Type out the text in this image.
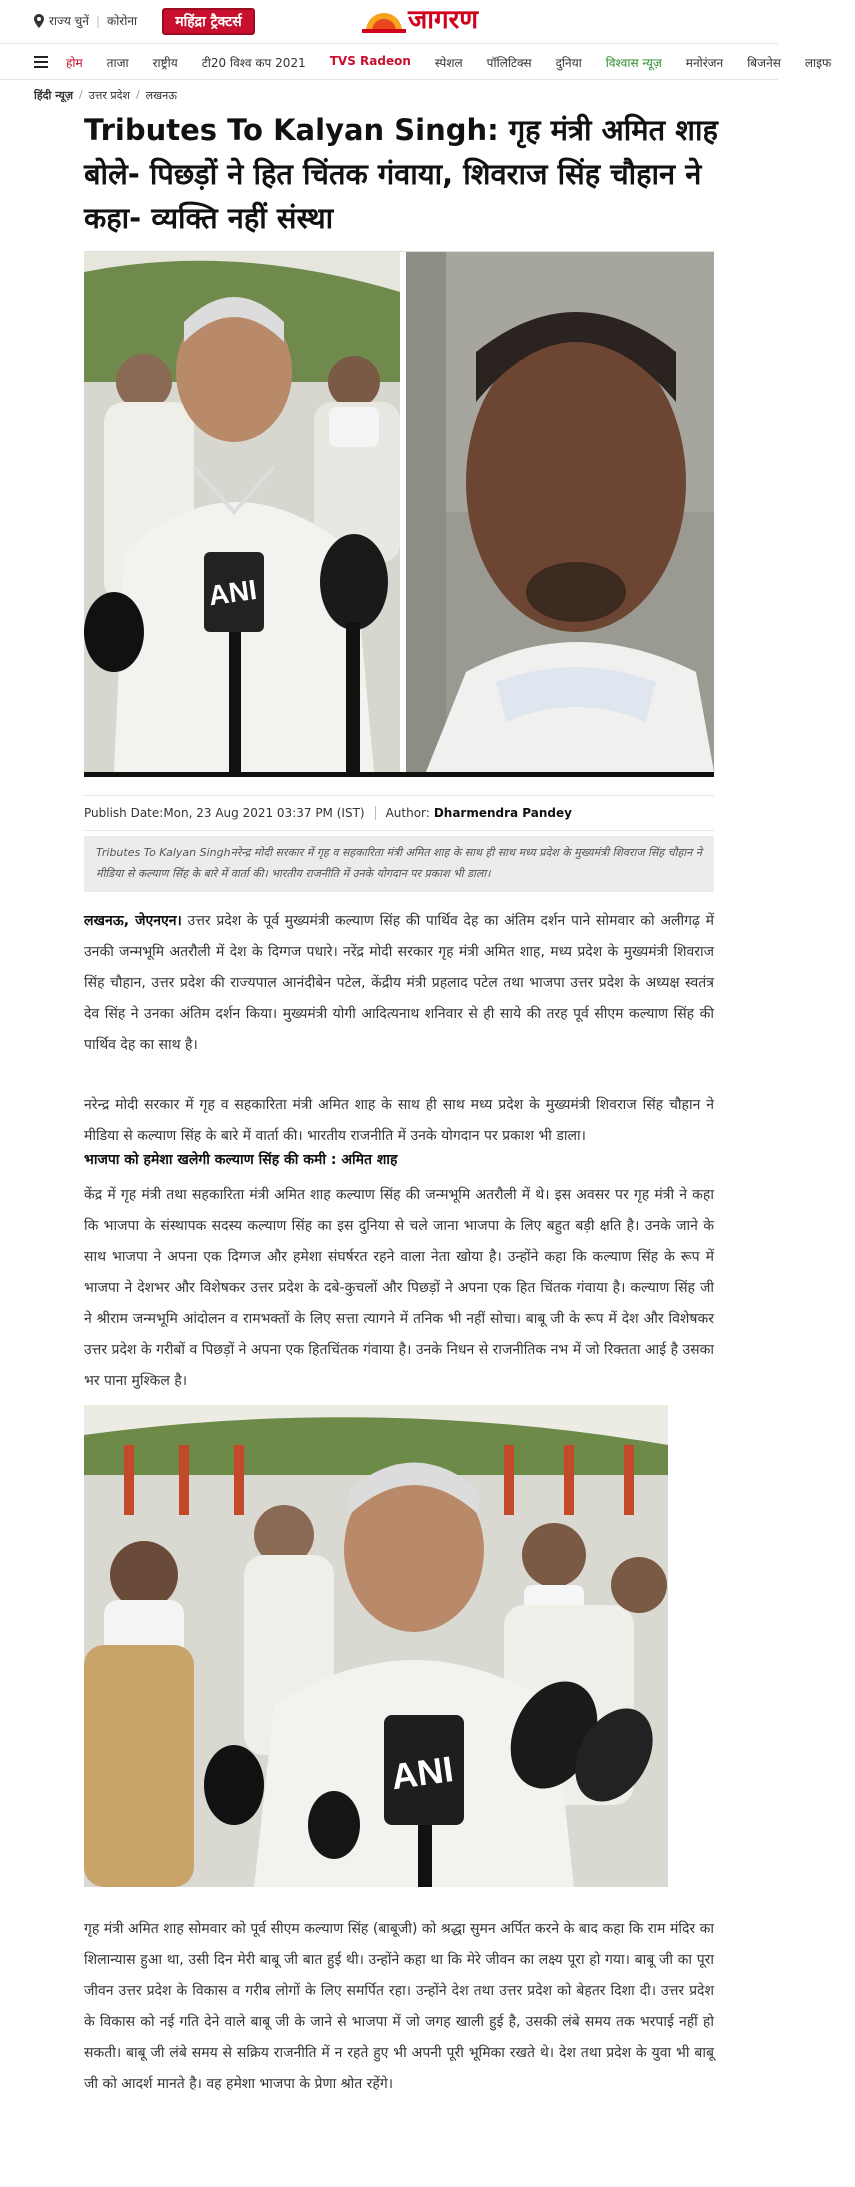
राज्य चुनें | कोरोना	महिंद्रा ट्रैक्टर्स	जागरण
होम ताजा राष्ट्रीय टी20 विश्व कप 2021 TVS Radeon स्पेशल पॉलिटिक्स दुनिया विश्वास न्यूज़ मनोरंजन बिजनेस लाइफ
हिंदी न्यूज़ / उत्तर प्रदेश / लखनऊ
Tributes To Kalyan Singh: गृह मंत्री अमित शाह बोले- पिछड़ों ने हित चिंतक गंवाया, शिवराज सिंह चौहान ने कहा- व्यक्ति नहीं संस्था
ANI
Publish Date: Mon, 23 Aug 2021 03:37 PM (IST) Author: Dharmendra Pandey
Tributes To Kalyan Singhनरेन्द्र मोदी सरकार में गृह व सहकारिता मंत्री अमित शाह के साथ ही साथ मध्य प्रदेश के मुख्यमंत्री शिवराज सिंह चौहान ने मीडिया से कल्याण सिंह के बारे में वार्ता की। भारतीय राजनीति में उनके योगदान पर प्रकाश भी डाला।

लखनऊ, जेएनएन। उत्तर प्रदेश के पूर्व मुख्यमंत्री कल्याण सिंह की पार्थिव देह का अंतिम दर्शन पाने सोमवार को अलीगढ़ में उनकी जन्मभूमि अतरौली में देश के दिग्गज पधारे। नरेंद्र मोदी सरकार गृह मंत्री अमित शाह, मध्य प्रदेश के मुख्यमंत्री शिवराज सिंह चौहान, उत्तर प्रदेश की राज्यपाल आनंदीबेन पटेल, केंद्रीय मंत्री प्रहलाद पटेल तथा भाजपा उत्तर प्रदेश के अध्यक्ष स्वतंत्र देव सिंह ने उनका अंतिम दर्शन किया। मुख्यमंत्री योगी आदित्यनाथ शनिवार से ही साये की तरह पूर्व सीएम कल्याण सिंह की पार्थिव देह का साथ है।

नरेन्द्र मोदी सरकार में गृह व सहकारिता मंत्री अमित शाह के साथ ही साथ मध्य प्रदेश के मुख्यमंत्री शिवराज सिंह चौहान ने मीडिया से कल्याण सिंह के बारे में वार्ता की। भारतीय राजनीति में उनके योगदान पर प्रकाश भी डाला।

भाजपा को हमेशा खलेगी कल्याण सिंह की कमी : अमित शाह

केंद्र में गृह मंत्री तथा सहकारिता मंत्री अमित शाह कल्याण सिंह की जन्मभूमि अतरौली में थे। इस अवसर पर गृह मंत्री ने कहा कि भाजपा के संस्थापक सदस्य कल्याण सिंह का इस दुनिया से चले जाना भाजपा के लिए बहुत बड़ी क्षति है। उनके जाने के साथ भाजपा ने अपना एक दिग्गज और हमेशा संघर्षरत रहने वाला नेता खोया है। उन्होंने कहा कि कल्याण सिंह के रूप में भाजपा ने देशभर और विशेषकर उत्तर प्रदेश के दबे-कुचलों और पिछड़ों ने अपना एक हित चिंतक गंवाया है। कल्याण सिंह जी ने श्रीराम जन्मभूमि आंदोलन व रामभक्तों के लिए सत्ता त्यागने में तनिक भी नहीं सोचा। बाबू जी के रूप में देश और विशेषकर उत्तर प्रदेश के गरीबों व पिछड़ों ने अपना एक हितचिंतक गंवाया है। उनके निधन से राजनीतिक नभ में जो रिक्तता आई है उसका भर पाना मुश्किल है।

ANI

गृह मंत्री अमित शाह सोमवार को पूर्व सीएम कल्याण सिंह (बाबूजी) को श्रद्धा सुमन अर्पित करने के बाद कहा कि राम मंदिर का शिलान्यास हुआ था, उसी दिन मेरी बाबू जी बात हुई थी। उन्होंने कहा था कि मेरे जीवन का लक्ष्य पूरा हो गया। बाबू जी का पूरा जीवन उत्तर प्रदेश के विकास व गरीब लोगों के लिए समर्पित रहा। उन्होंने देश तथा उत्तर प्रदेश को बेहतर दिशा दी। उत्तर प्रदेश के विकास को नई गति देने वाले बाबू जी के जाने से भाजपा में जो जगह खाली हुई है, उसकी लंबे समय तक भरपाई नहीं हो सकती। बाबू जी लंबे समय से सक्रिय राजनीति में न रहते हुए भी अपनी पूरी भूमिका रखते थे। देश तथा प्रदेश के युवा भी बाबू जी को आदर्श मानते है। वह हमेशा भाजपा के प्रेणा श्रोत रहेंगे।
